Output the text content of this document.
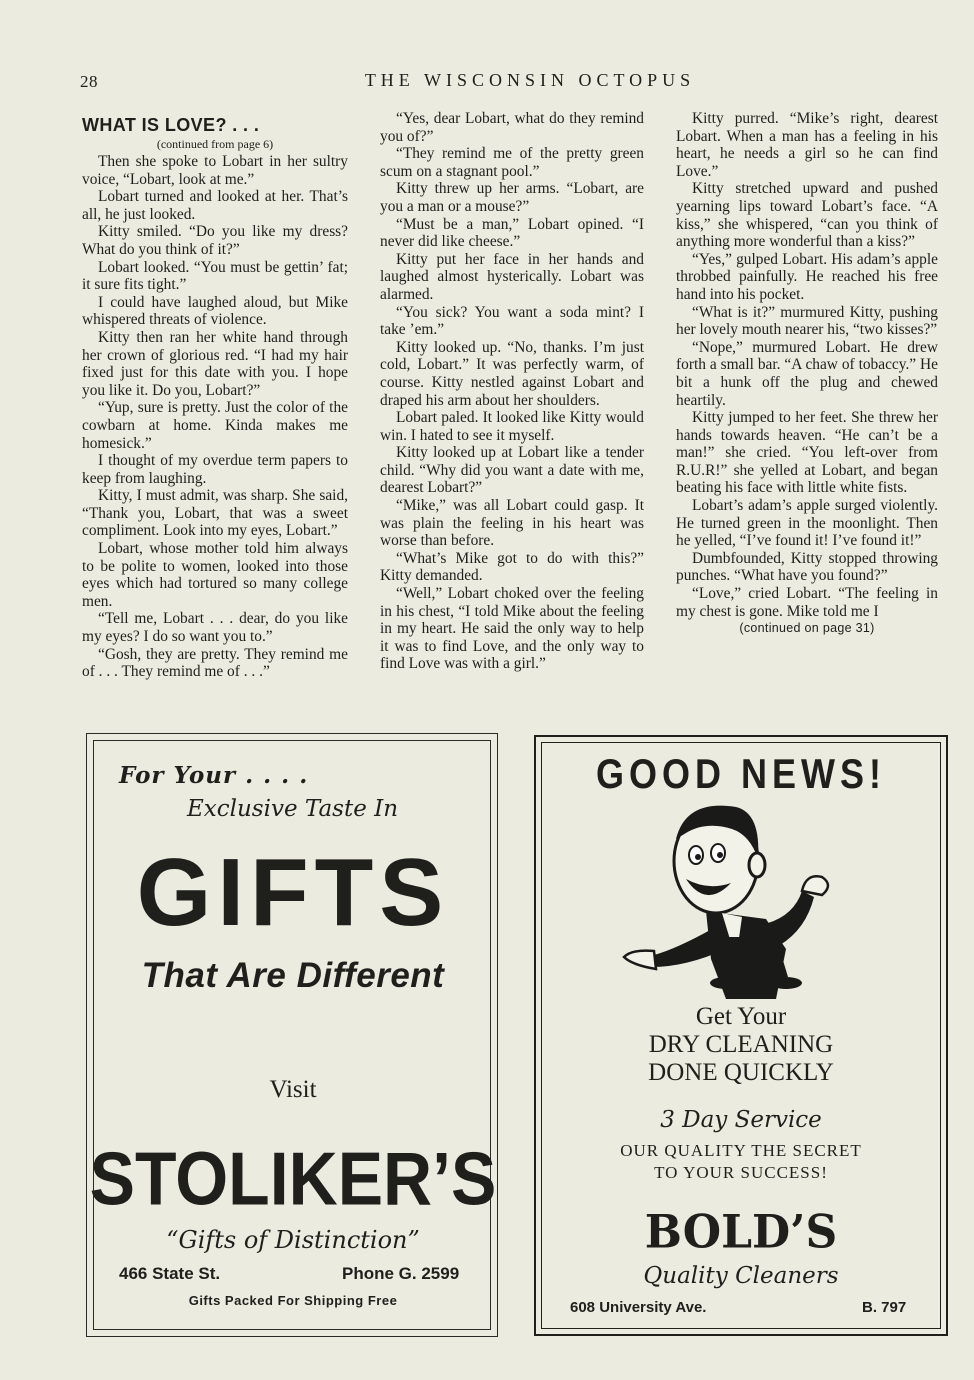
28	THE WISCONSIN OCTOPUS
WHAT IS LOVE? . . .
(continued from page 6)

Then she spoke to Lobart in her sultry voice, “Lobart, look at me.”

Lobart turned and looked at her. That’s all, he just looked.

Kitty smiled. “Do you like my dress? What do you think of it?”

Lobart looked. “You must be gettin’ fat; it sure fits tight.”

I could have laughed aloud, but Mike whispered threats of violence.

Kitty then ran her white hand through her crown of glorious red. “I had my hair fixed just for this date with you. I hope you like it. Do you, Lobart?”

“Yup, sure is pretty. Just the color of the cowbarn at home. Kinda makes me homesick.”

I thought of my overdue term papers to keep from laughing.

Kitty, I must admit, was sharp. She said, “Thank you, Lobart, that was a sweet compliment. Look into my eyes, Lobart.”

Lobart, whose mother told him always to be polite to women, looked into those eyes which had tortured so many college men.

“Tell me, Lobart . . . dear, do you like my eyes? I do so want you to.”

“Gosh, they are pretty. They remind me of . . . They remind me of . . .”

“Yes, dear Lobart, what do they remind you of?”

“They remind me of the pretty green scum on a stagnant pool.”

Kitty threw up her arms. “Lobart, are you a man or a mouse?”

“Must be a man,” Lobart opined. “I never did like cheese.”

Kitty put her face in her hands and laughed almost hysterically. Lobart was alarmed.

“You sick? You want a soda mint? I take ’em.”

Kitty looked up. “No, thanks. I’m just cold, Lobart.” It was perfectly warm, of course. Kitty nestled against Lobart and draped his arm about her shoulders.

Lobart paled. It looked like Kitty would win. I hated to see it myself.

Kitty looked up at Lobart like a tender child. “Why did you want a date with me, dearest Lobart?”

“Mike,” was all Lobart could gasp. It was plain the feeling in his heart was worse than before.

“What’s Mike got to do with this?” Kitty demanded.

“Well,” Lobart choked over the feeling in his chest, “I told Mike about the feeling in my heart. He said the only way to help it was to find Love, and the only way to find Love was with a girl.”

Kitty purred. “Mike’s right, dearest Lobart. When a man has a feeling in his heart, he needs a girl so he can find Love.”

Kitty stretched upward and pushed yearning lips toward Lobart’s face. “A kiss,” she whispered, “can you think of anything more wonderful than a kiss?”

“Yes,” gulped Lobart. His adam’s apple throbbed painfully. He reached his free hand into his pocket.

“What is it?” murmured Kitty, pushing her lovely mouth nearer his, “two kisses?”

“Nope,” murmured Lobart. He drew forth a small bar. “A chaw of tobaccy.” He bit a hunk off the plug and chewed heartily.

Kitty jumped to her feet. She threw her hands towards heaven. “He can’t be a man!” she cried. “You left-over from R.U.R!” she yelled at Lobart, and began beating his face with little white fists.

Lobart’s adam’s apple surged violently. He turned green in the moonlight. Then he yelled, “I’ve found it! I’ve found it!”

Dumbfounded, Kitty stopped throwing punches. “What have you found?”

“Love,” cried Lobart. “The feeling in my chest is gone. Mike told me I

(continued on page 31)
For Your . . . .
Exclusive Taste In
GIFTS
That Are Different
Visit
STOLIKER’S
“Gifts of Distinction”
466 State St.	Phone G. 2599
Gifts Packed For Shipping Free
GOOD NEWS!
Get Your
DRY CLEANING
DONE QUICKLY
3 Day Service
OUR QUALITY THE SECRET
TO YOUR SUCCESS!
BOLD’S
Quality Cleaners
608 University Ave.	B. 797
